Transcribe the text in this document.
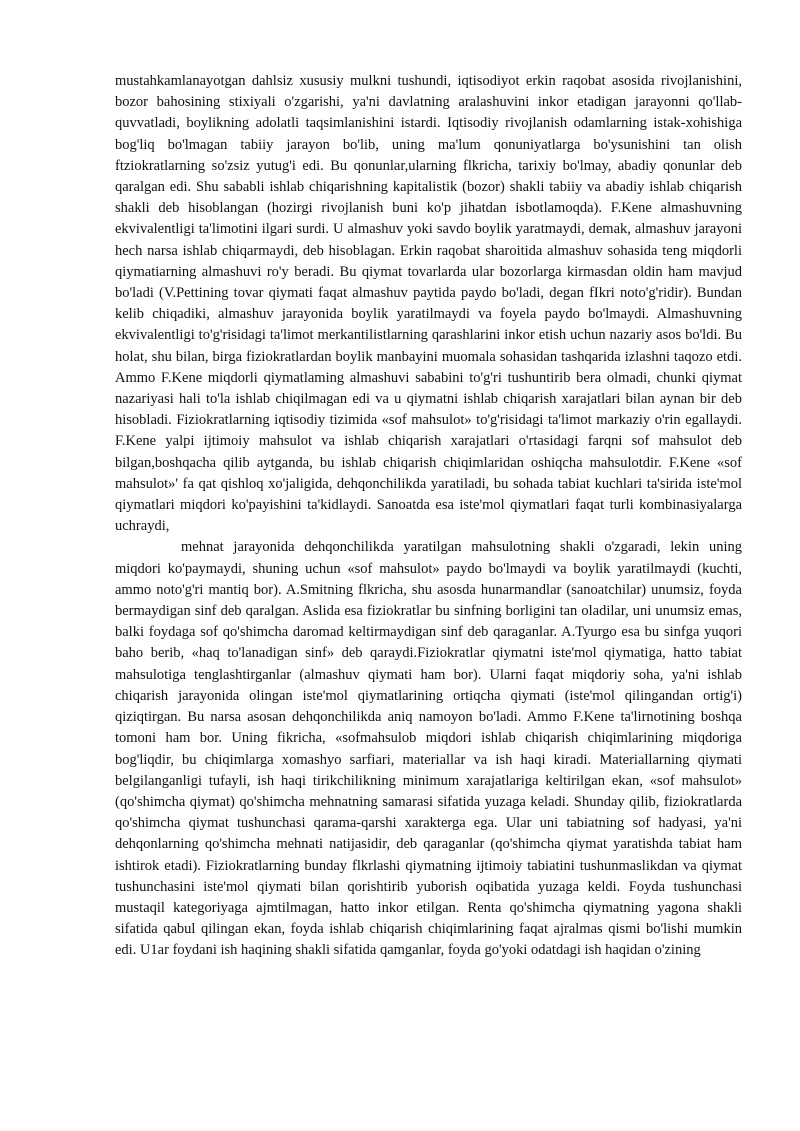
mustahkamlanayotgan dahlsiz xususiy mulkni tushundi, iqtisodiyot erkin raqobat asosida rivojlanishini, bozor bahosining stixiyali o'zgarishi, ya'ni davlatning aralashuvini inkor etadigan jarayonni qo'llab-quvvatladi, boylikning adolatli taqsimlanishini istardi. Iqtisodiy rivojlanish odamlarning istak-xohishiga bog'liq bo'lmagan tabiiy jarayon bo'lib, uning ma'lum qonuniyatlarga bo'ysunishini tan olish ftziokratlarning so'zsiz yutug'i edi. Bu qonunlar,ularning flkricha, tarixiy bo'lmay, abadiy qonunlar deb qaralgan edi. Shu sababli ishlab chiqarishning kapitalistik (bozor) shakli tabiiy va abadiy ishlab chiqarish shakli deb hisoblangan (hozirgi rivojlanish buni ko'p jihatdan isbotlamoqda). F.Kene almashuvning ekvivalentligi ta'limotini ilgari surdi. U almashuv yoki savdo boylik yaratmaydi, demak, almashuv jarayoni hech narsa ishlab chiqarmaydi, deb hisoblagan. Erkin raqobat sharoitida almashuv sohasida teng miqdorli qiymatiarning almashuvi ro'y beradi. Bu qiymat tovarlarda ular bozorlarga kirmasdan oldin ham mavjud bo'ladi (V.Pettining tovar qiymati faqat almashuv paytida paydo bo'ladi, degan fIkri noto'g'ridir). Bundan kelib chiqadiki, almashuv jarayonida boylik yaratilmaydi va foyela paydo bo'lmaydi. Almashuvning ekvivalentligi to'g'risidagi ta'limot merkantilistlarning qarashlarini inkor etish uchun nazariy asos bo'ldi. Bu holat, shu bilan, birga fiziokratlardan boylik manbayini muomala sohasidan tashqarida izlashni taqozo etdi. Ammo F.Kene miqdorli qiymatlaming almashuvi sababini to'g'ri tushuntirib bera olmadi, chunki qiymat nazariyasi hali to'la ishlab chiqilmagan edi va u qiymatni ishlab chiqarish xarajatlari bilan aynan bir deb hisobladi. Fiziokratlarning iqtisodiy tizimida «sof mahsulot» to'g'risidagi ta'limot markaziy o'rin egallaydi. F.Kene yalpi ijtimoiy mahsulot va ishlab chiqarish xarajatlari o'rtasidagi farqni sof mahsulot deb bilgan,boshqacha qilib aytganda, bu ishlab chiqarish chiqimlaridan oshiqcha mahsulotdir. F.Kene «sof mahsulot»' fa qat qishloq xo'jaligida, dehqonchilikda yaratiladi, bu sohada tabiat kuchlari ta'sirida iste'mol qiymatlari miqdori ko'payishini ta'kidlaydi. Sanoatda esa iste'mol qiymatlari faqat turli kombinasiyalarga uchraydi,

mehnat jarayonida dehqonchilikda yaratilgan mahsulotning shakli o'zgaradi, lekin uning miqdori ko'paymaydi, shuning uchun «sof mahsulot» paydo bo'lmaydi va boylik yaratilmaydi (kuchti, ammo noto'g'ri mantiq bor). A.Smitning flkricha, shu asosda hunarmandlar (sanoatchilar) unumsiz, foyda bermaydigan sinf deb qaralgan. Aslida esa fiziokratlar bu sinfning borligini tan oladilar, uni unumsiz emas, balki foydaga sof qo'shimcha daromad keltirmaydigan sinf deb qaraganlar. A.Tyurgo esa bu sinfga yuqori baho berib, «haq to'lanadigan sinf» deb qaraydi.Fiziokratlar qiymatni iste'mol qiymatiga, hatto tabiat mahsulotiga tenglashtirganlar (almashuv qiymati ham bor). Ularni faqat miqdoriy soha, ya'ni ishlab chiqarish jarayonida olingan iste'mol qiymatlarining ortiqcha qiymati (iste'mol qilingandan ortig'i) qiziqtirgan. Bu narsa asosan dehqonchilikda aniq namoyon bo'ladi. Ammo F.Kene ta'lirnotining boshqa tomoni ham bor. Uning fikricha, «sofmahsulob miqdori ishlab chiqarish chiqimlarining miqdoriga bog'liqdir, bu chiqimlarga xomashyo sarfiari, materiallar va ish haqi kiradi. Materiallarning qiymati belgilanganligi tufayli, ish haqi tirikchilikning minimum xarajatlariga keltirilgan ekan, «sof mahsulot» (qo'shimcha qiymat) qo'shimcha mehnatning samarasi sifatida yuzaga keladi. Shunday qilib, fiziokratlarda qo'shimcha qiymat tushunchasi qarama-qarshi xarakterga ega. Ular uni tabiatning sof hadyasi, ya'ni dehqonlarning qo'shimcha mehnati natijasidir, deb qaraganlar (qo'shimcha qiymat yaratishda tabiat ham ishtirok etadi). Fiziokratlarning bunday flkrlashi qiymatning ijtimoiy tabiatini tushunmaslikdan va qiymat tushunchasini iste'mol qiymati bilan qorishtirib yuborish oqibatida yuzaga keldi. Foyda tushunchasi mustaqil kategoriyaga ajmtilmagan, hatto inkor etilgan. Renta qo'shimcha qiymatning yagona shakli sifatida qabul qilingan ekan, foyda ishlab chiqarish chiqimlarining faqat ajralmas qismi bo'lishi mumkin edi. U1ar foydani ish haqining shakli sifatida qamganlar, foyda go'yoki odatdagi ish haqidan o'zining
